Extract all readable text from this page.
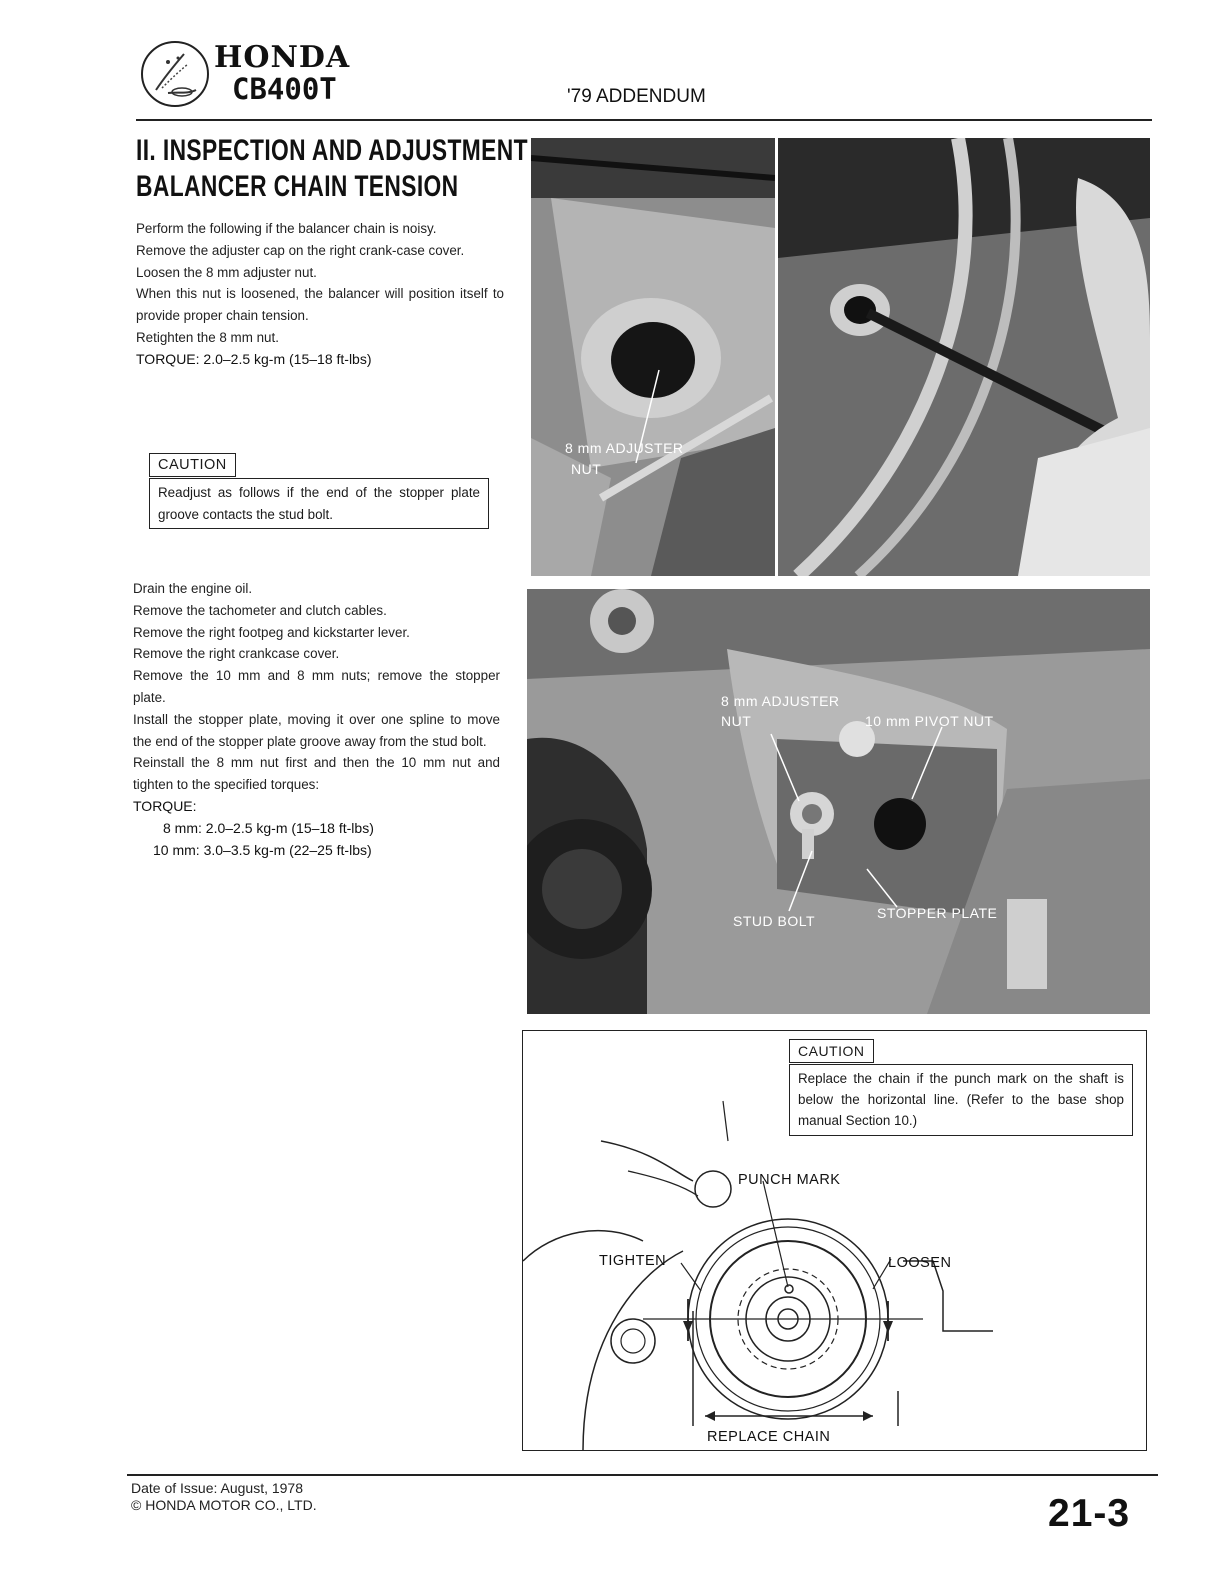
HONDA
CB400T	'79 ADDENDUM
II. INSPECTION AND ADJUSTMENT
BALANCER CHAIN TENSION

Perform the following if the balancer chain is noisy.

Remove the adjuster cap on the right crank-case cover.

Loosen the 8 mm adjuster nut.

When this nut is loosened, the balancer will position itself to provide proper chain tension.

Retighten the 8 mm nut.

TORQUE: 2.0–2.5 kg-m (15–18 ft-lbs)

CAUTION
Readjust as follows if the end of the stopper plate groove contacts the stud bolt.

Drain the engine oil.

Remove the tachometer and clutch cables.

Remove the right footpeg and kickstarter lever.

Remove the right crankcase cover.

Remove the 10 mm and 8 mm nuts; remove the stopper plate.

Install the stopper plate, moving it over one spline to move the end of the stopper plate groove away from the stud bolt.

Reinstall the 8 mm nut first and then the 10 mm nut and tighten to the specified torques:

TORQUE:

8 mm: 2.0–2.5 kg-m (15–18 ft-lbs)

10 mm: 3.0–3.5 kg-m (22–25 ft-lbs)

8 mm ADJUSTER
NUT
8 mm ADJUSTER
NUT	10 mm PIVOT NUT
STUD BOLT	STOPPER PLATE
CAUTION
Replace the chain if the punch mark on the shaft is below the horizontal line. (Refer to the base shop manual Section 10.)
PUNCH MARK
TIGHTEN	LOOSEN
REPLACE CHAIN
Date of Issue: August, 1978
© HONDA MOTOR CO., LTD.	21-3
